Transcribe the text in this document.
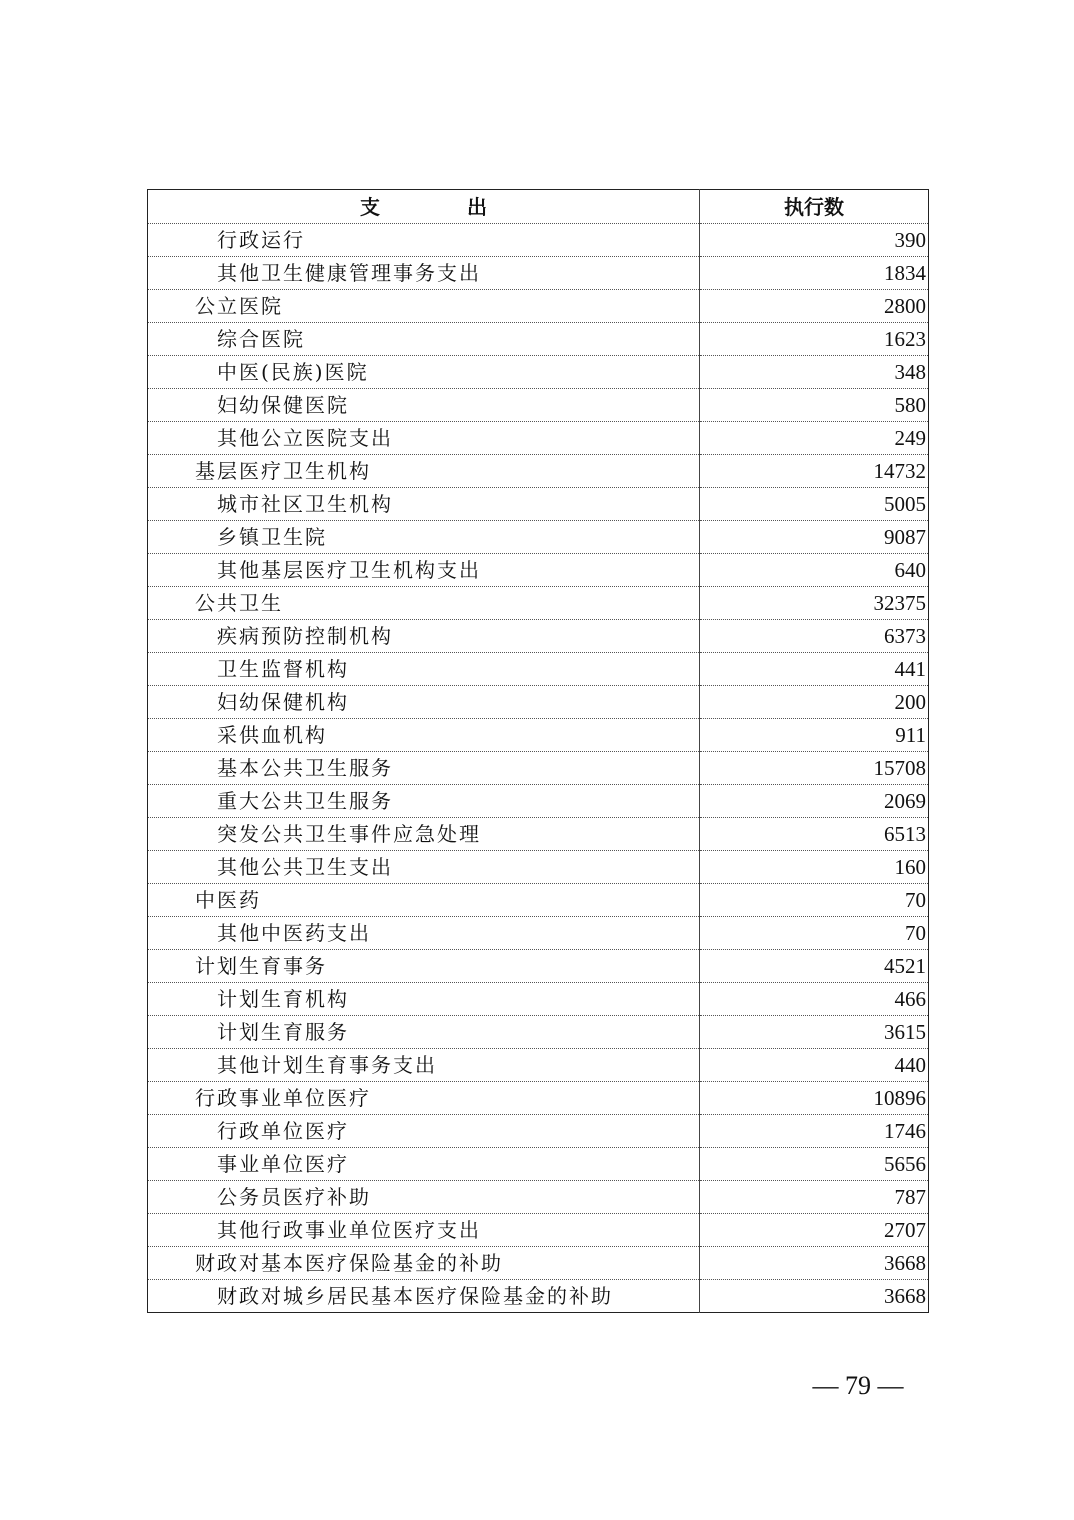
支 出	执行数
行政运行	390
其他卫生健康管理事务支出	1834
公立医院	2800
综合医院	1623
中医(民族)医院	348
妇幼保健医院	580
其他公立医院支出	249
基层医疗卫生机构	14732
城市社区卫生机构	5005
乡镇卫生院	9087
其他基层医疗卫生机构支出	640
公共卫生	32375
疾病预防控制机构	6373
卫生监督机构	441
妇幼保健机构	200
采供血机构	911
基本公共卫生服务	15708
重大公共卫生服务	2069
突发公共卫生事件应急处理	6513
其他公共卫生支出	160
中医药	70
其他中医药支出	70
计划生育事务	4521
计划生育机构	466
计划生育服务	3615
其他计划生育事务支出	440
行政事业单位医疗	10896
行政单位医疗	1746
事业单位医疗	5656
公务员医疗补助	787
其他行政事业单位医疗支出	2707
财政对基本医疗保险基金的补助	3668
财政对城乡居民基本医疗保险基金的补助	3668
— 79 —
